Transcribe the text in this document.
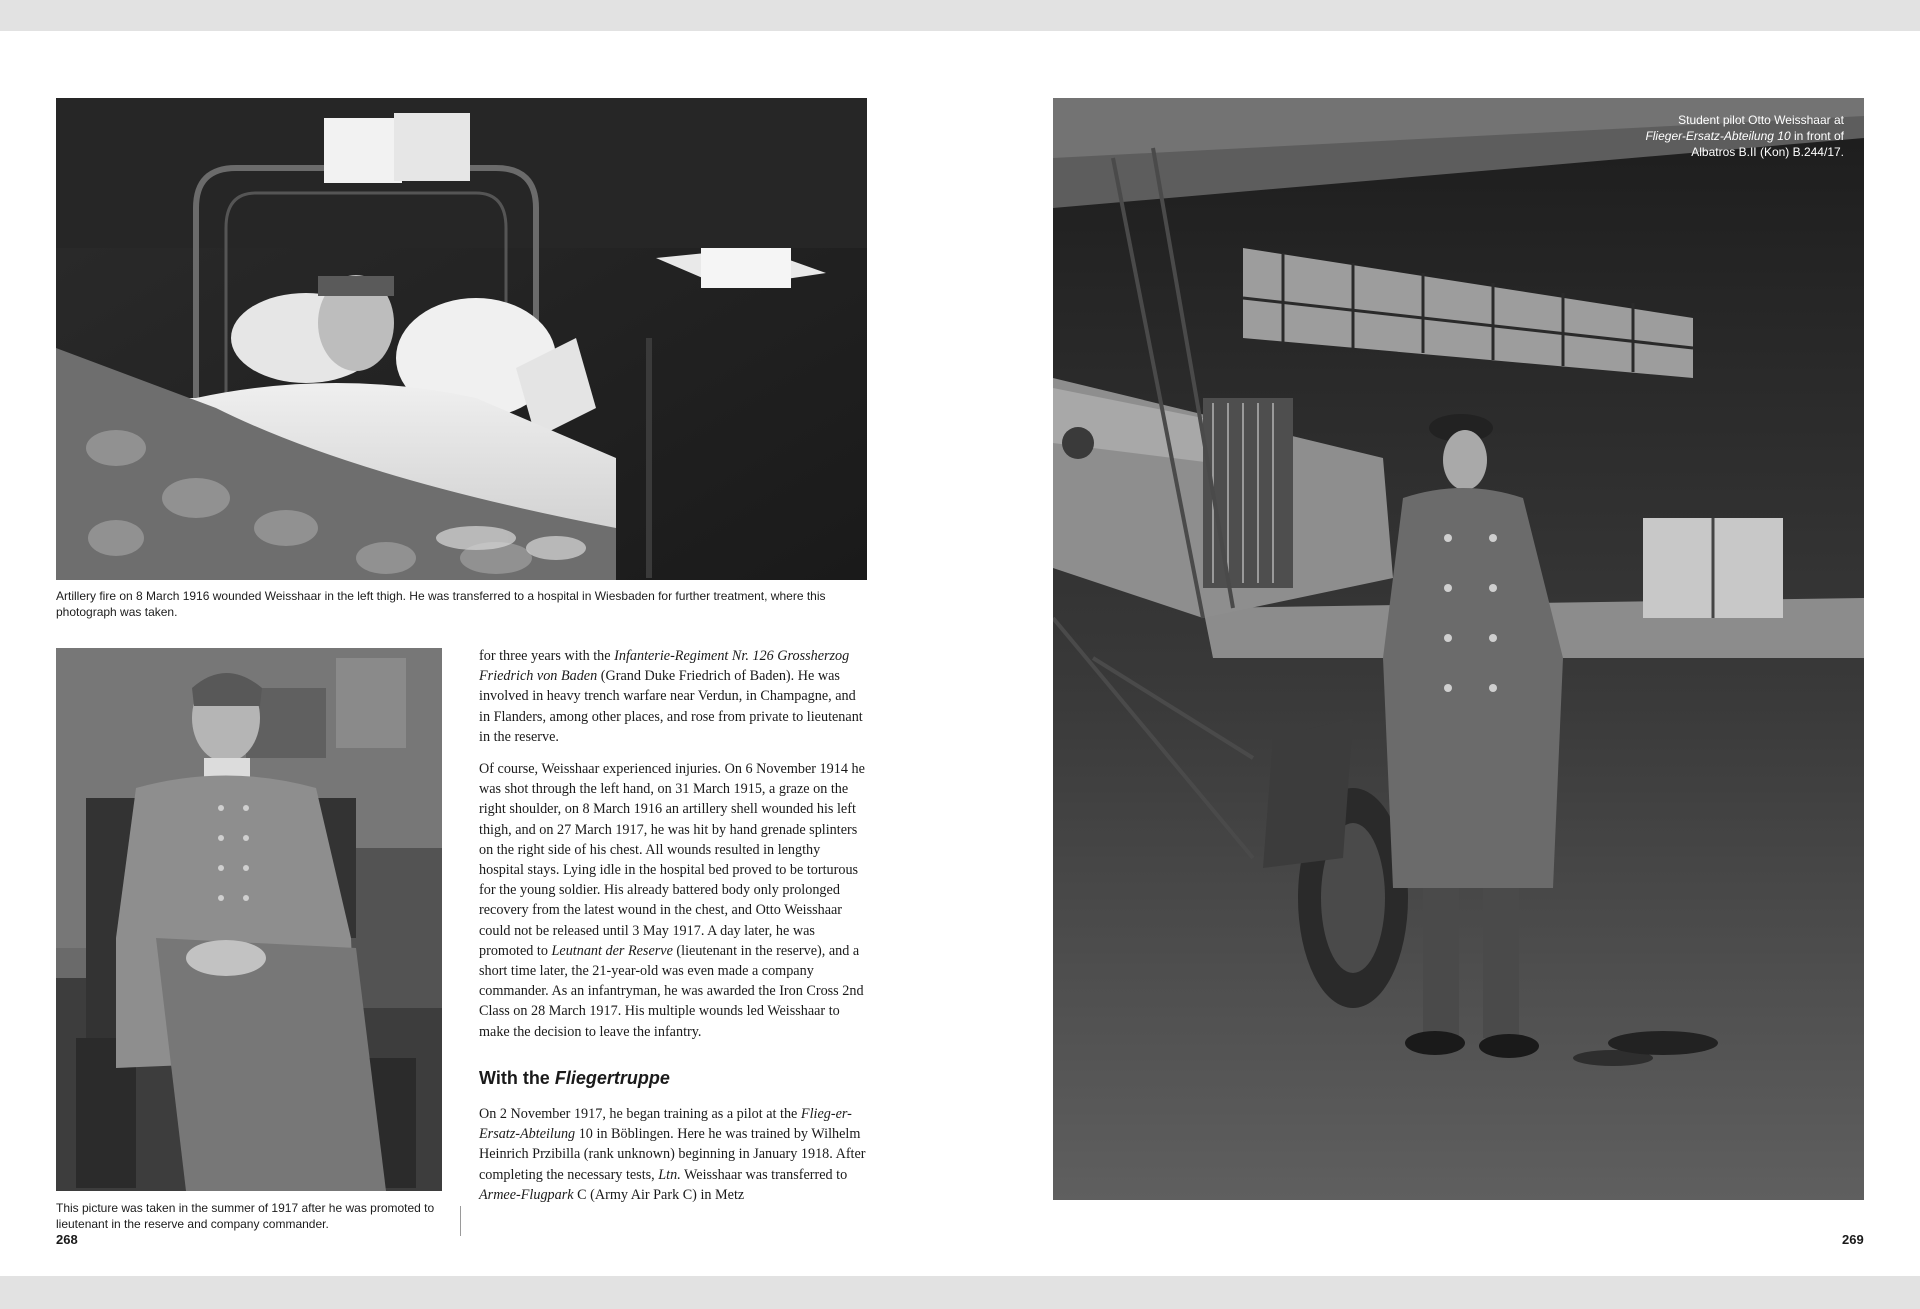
Artillery fire on 8 March 1916 wounded Weisshaar in the left thigh. He was transferred to a hospital in Wiesbaden for further treatment, where this photograph was taken.
This picture was taken in the summer of 1917 after he was promoted to lieutenant in the reserve and company commander.

for three years with the Infanterie-Regiment Nr. 126 Grossherzog Friedrich von Baden (Grand Duke Friedrich of Baden). He was involved in heavy trench warfare near Verdun, in Champagne, and in Flanders, among other places, and rose from private to lieutenant in the reserve.

Of course, Weisshaar experienced injuries. On 6 November 1914 he was shot through the left hand, on 31 March 1915, a graze on the right shoulder, on 8 March 1916 an artillery shell wounded his left thigh, and on 27 March 1917, he was hit by hand grenade splinters on the right side of his chest. All wounds resulted in lengthy hospital stays. Lying idle in the hospital bed proved to be torturous for the young soldier. His already battered body only prolonged recovery from the latest wound in the chest, and Otto Weisshaar could not be released until 3 May 1917. A day later, he was promoted to Leutnant der Reserve (lieutenant in the reserve), and a short time later, the 21-year-old was even made a company commander. As an infantryman, he was awarded the Iron Cross 2nd Class on 28 March 1917. His multiple wounds led Weisshaar to make the decision to leave the infantry.

With the Fliegertruppe

On 2 November 1917, he began training as a pilot at the Flieg-er-Ersatz-Abteilung 10 in Böblingen. Here he was trained by Wilhelm Heinrich Przibilla (rank unknown) beginning in January 1918. After completing the necessary tests, Ltn. Weisshaar was transferred to Armee-Flugpark C (Army Air Park C) in Metz

268
Student pilot Otto Weisshaar at Flieger-Ersatz-Abteilung 10 in front of Albatros B.II (Kon) B.244/17.
269
